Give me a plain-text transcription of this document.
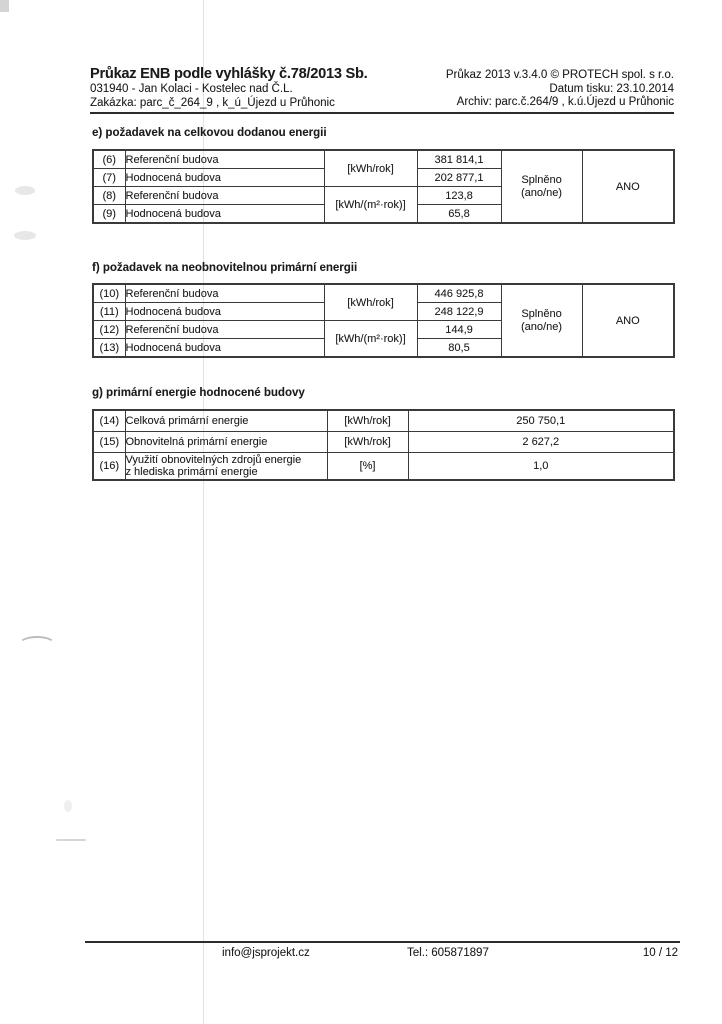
Průkaz ENB podle vyhlášky č.78/2013 Sb.
031940 - Jan Kolaci - Kostelec nad Č.L.
Zakázka: parc_č_264_9 , k_ú_Újezd u Průhonic
Průkaz 2013 v.3.4.0 © PROTECH spol. s r.o.
Datum tisku: 23.10.2014
Archiv: parc.č.264/9 , k.ú.Újezd u Průhonic
e) požadavek na celkovou dodanou energii
(6)	Referenční budova	[kWh/rok]	381 814,1	Splněno
(ano/ne)	ANO
(7)	Hodnocená budova		202 877,1		
(8)	Referenční budova	[kWh/(m²·rok)]	123,8		
(9)	Hodnocená budova		65,8		
f) požadavek na neobnovitelnou primární energii
(10)	Referenční budova	[kWh/rok]	446 925,8	Splněno
(ano/ne)	ANO
(11)	Hodnocená budova		248 122,9		
(12)	Referenční budova	[kWh/(m²·rok)]	144,9		
(13)	Hodnocená budova		80,5		
g) primární energie hodnocené budovy
(14)	Celková primární energie	[kWh/rok]	250 750,1
(15)	Obnovitelná primární energie	[kWh/rok]	2 627,2
(16)	Využití obnovitelných zdrojů energie
z hlediska primární energie	[%]	1,0
info@jsprojekt.cz	Tel.: 605871897	10 / 12
